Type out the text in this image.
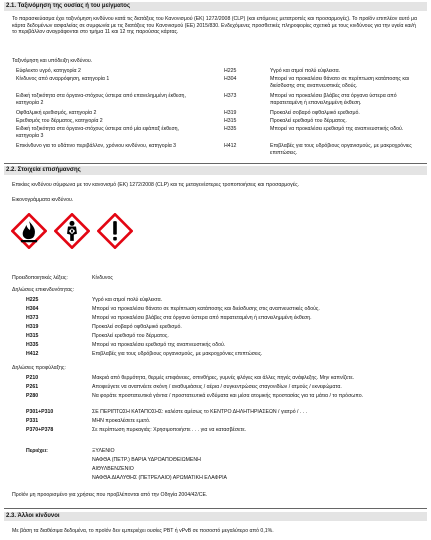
2.1. Ταξινόμηση της ουσίας ή του μείγματος
Το παρασκεύασμα έχει ταξινόμηση κινδύνου κατά τις διατάξεις του Κανονισμού (ΕΚ) 1272/2008 (CLP) (και επόμενες μετατροπές και προσαρμογές). Το προϊόν επιπλέον αυτό μα κάρτα δεδομένων ασφαλείας σε συμφωνία με τις διατάξεις του Κανονισμού (ΕΕ) 2015/830. Ενδεχόμενες προσθετικές πληροφορίες σχετικά με τους κινδύνους για την υγεία και/ή το περιβάλλον αναγράφονται στο τμήμα 11 και 12 της παρούσας κάρτας.
Ταξινόμηση και υπόδειξη κινδύνου.
Εύφλεκτο υγρό, κατηγορία 2	H225	Υγρό και ατμοί πολύ εύφλεκτα.
Κίνδυνος από αναρρόφηση, κατηγορία 1	H304	Μπορεί να προκαλέσει θάνατο σε περίπτωση κατάποσης και διείσδυσης στις αναπνευστικές οδούς.
Ειδική τοξικότητα στα όργανα-στόχους ύστερα από επανελημμένη έκθεση, κατηγορία 2
H373	Μπορεί να προκαλέσει βλάβες στα όργανα ύστερα από παρατεταμένη ή επανειλημμένη έκθεση.
Οφθαλμική ερεθισμός, κατηγορία 2	H319	Προκαλεί σοβαρό οφθαλμικό ερεθισμό.
Ερεθισμός του δέρματος, κατηγορία 2	H315	Προκαλεί ερεθισμό του δέρματος.
Ειδική τοξικότητα στα όργανα-στόχους ύστερα από μία εφάπαξ έκθεση, κατηγορία 3
H335	Μπορεί να προκαλέσει ερεθισμό της αναπνευστικής οδού.
Επικίνδυνο για το υδάτινο περιβάλλον, χρόνιου κινδύνου, κατηγορία 3	H412	Επιβλαβές για τους υδρόβιους οργανισμούς, με μακροχρόνιες επιπτώσεις.
2.2. Στοιχεία επισήμανσης
Επικίεις κινδύνου σύμφωνα με τον κανονισμό (ΕΚ) 1272/2008 (CLP) και τις μεταγενέστερες τροποποιήσεις και προσαρμογές.
Εικονογράμματα κινδύνου.
Προειδοποιητικές λέξεις:	Κίνδυνος
Δηλώσεις επικινδυνότητας:
H225	Υγρό και ατμοί πολύ εύφλεκτα.
H304	Μπορεί να προκαλέσει θάνατο σε περίπτωση κατάποσης και διείσδυσης στις αναπνευστικές οδούς.
H373	Μπορεί να προκαλέσει βλάβες στα όργανα ύστερα από παρατεταμένη ή επανειλημμένη έκθεση.
H319	Προκαλεί σοβαρό οφθαλμικό ερεθισμό.
H315	Προκαλεί ερεθισμό του δέρματος.
H335	Μπορεί να προκαλέσει ερεθισμό της αναπνευστικής οδού.
H412	Επιβλαβές για τους υδρόβιους οργανισμούς, με μακροχρόνιες επιπτώσεις.
Δηλώσεις προφύλαξης:
P210	Μακριά από θερμότητα, θερμές επιφάνειες, σπινθήρες, γυμνές φλόγες και άλλες πηγές ανάφλεξης. Μην καπνίζετε.
P261	Αποφεύγετε να αναπνέετε σκόνη / αναθυμιάσεις / αέρια / συγκεντρώσεις σταγονιδίων / ατμούς / εκνεφώματα.
P280	Να φοράτε προστατευτικά γάντια / προστατευτικά ενδύματα και μέσα ατομικής προστασίας για τα μάτια / το πρόσωπο.
P301+P310	ΣΕ ΠΕΡΙΠΤΩΣΗ ΚΑΤΑΠΟΣΗΣ: καλέστε αμέσως το ΚΕΝΤΡΟ ΔΗΛΗΤΗΡΙΑΣΕΩΝ / γιατρό / . . .
P331	ΜΗΝ προκαλέσετε εμετό.
P370+P378	Σε περίπτωση πυρκαγιάς: Χρησιμοποιήστε . . . για να κατασβέσετε.
Περιέχει:	ΞΥΛΕΝΙΟ
ΝΑΦΘΑ (ΠΕΤΡ.) ΒΑΡΙΑ ΥΔΡΟΑΠΟΘΕΙΩΜΕΝΗ
ΑΙΘΥΛΒΕΝΖΕΝΙΟ
ΝΑΦΘΑ ΔΙΑΛΥΘΗΣ (ΠΕΤΡΕΛΑΙΟ) ΑΡΩΜΑΤΙΚΗ ΕΛΑΦΡΙΑ
Προϊόν μη προορισμένο για χρήσεις που προβλέπονται από την Οδηγία 2004/42/CE.
2.3. Άλλοι κίνδυνοι
Με βάση τα διαθέσιμα δεδομένα, το προϊόν δεν εμπεριέχει ουσίες PBT ή vPvB σε ποσοστό μεγαλύτερο από 0,1%.
